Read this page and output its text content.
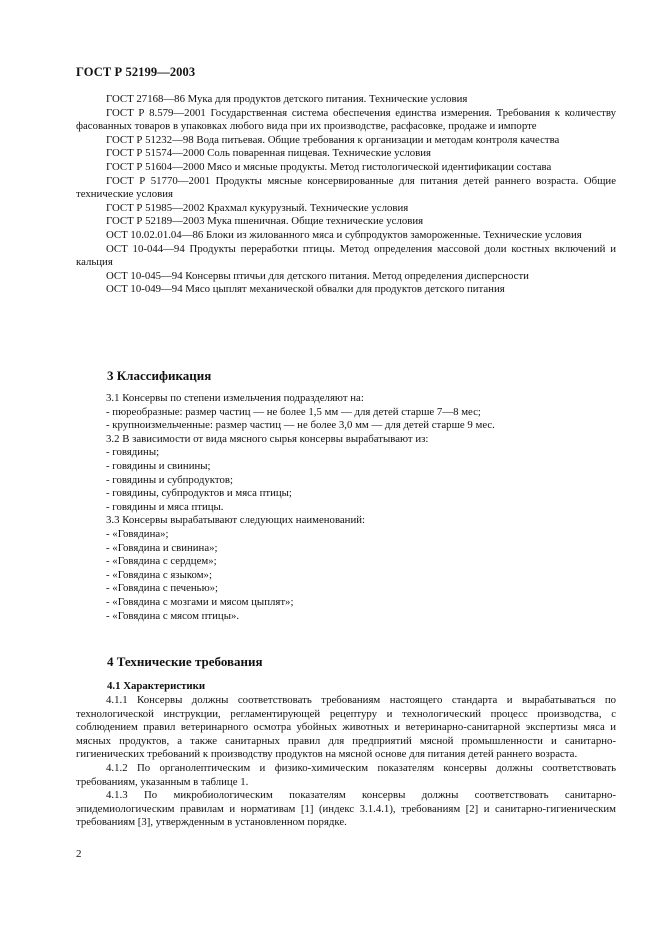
ГОСТ Р 52199—2003

ГОСТ 27168—86 Мука для продуктов детского питания. Технические условия

ГОСТ Р 8.579—2001 Государственная система обеспечения единства измерения. Требования к количеству фасованных товаров в упаковках любого вида при их производстве, расфасовке, продаже и импорте

ГОСТ Р 51232—98 Вода питьевая. Общие требования к организации и методам контроля качества

ГОСТ Р 51574—2000 Соль поваренная пищевая. Технические условия

ГОСТ Р 51604—2000 Мясо и мясные продукты. Метод гистологической идентификации состава

ГОСТ Р 51770—2001 Продукты мясные консервированные для питания детей раннего возраста. Общие технические условия

ГОСТ Р 51985—2002 Крахмал кукурузный. Технические условия

ГОСТ Р 52189—2003 Мука пшеничная. Общие технические условия

ОСТ 10.02.01.04—86 Блоки из жилованного мяса и субпродуктов замороженные. Технические условия

ОСТ 10-044—94 Продукты переработки птицы. Метод определения массовой доли костных включений и кальция

ОСТ 10-045—94 Консервы птичьи для детского питания. Метод определения дисперсности

ОСТ 10-049—94 Мясо цыплят механической обвалки для продуктов детского питания

3 Классификация
3.1 Консервы по степени измельчения подразделяют на:
- пюреобразные: размер частиц — не более 1,5 мм — для детей старше 7—8 мес;
- крупноизмельченные: размер частиц — не более 3,0 мм — для детей старше 9 мес.
3.2 В зависимости от вида мясного сырья консервы вырабатывают из:
- говядины;
- говядины и свинины;
- говядины и субпродуктов;
- говядины, субпродуктов и мяса птицы;
- говядины и мяса птицы.
3.3 Консервы вырабатывают следующих наименований:
- «Говядина»;
- «Говядина и свинина»;
- «Говядина с сердцем»;
- «Говядина с языком»;
- «Говядина с печенью»;
- «Говядина с мозгами и мясом цыплят»;
- «Говядина с мясом птицы».
4 Технические требования
4.1 Характеристики

4.1.1 Консервы должны соответствовать требованиям настоящего стандарта и вырабатываться по технологической инструкции, регламентирующей рецептуру и технологический процесс производства, с соблюдением правил ветеринарного осмотра убойных животных и ветеринарно-санитарной экспертизы мяса и мясных продуктов, а также санитарных правил для предприятий мясной промышленности и санитарно-гигиенических требований к производству продуктов на мясной основе для питания детей раннего возраста.

4.1.2 По органолептическим и физико-химическим показателям консервы должны соответствовать требованиям, указанным в таблице 1.

4.1.3 По микробиологическим показателям консервы должны соответствовать санитарно-эпидемиологическим правилам и нормативам [1] (индекс 3.1.4.1), требованиям [2] и санитарно-гигиеническим требованиям [3], утвержденным в установленном порядке.

2
